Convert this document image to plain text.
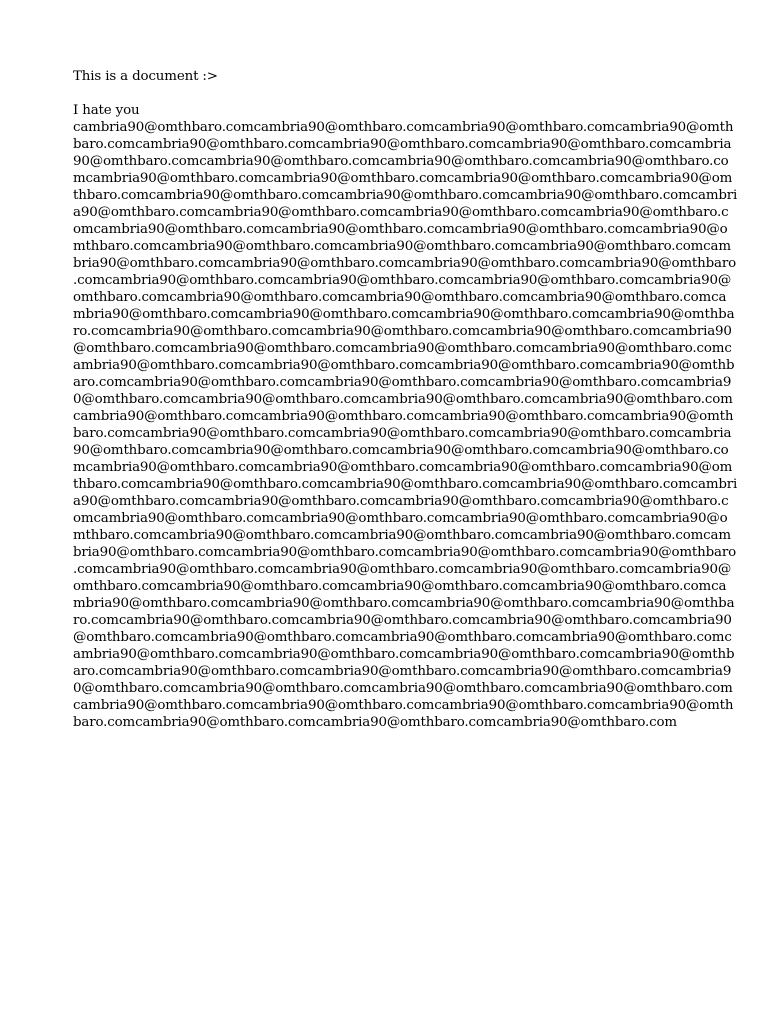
This is a document :>

I hate you

cambria90@omthbaro.comcambria90@omthbaro.comcambria90@omthbaro.comcambria90@omth

baro.comcambria90@omthbaro.comcambria90@omthbaro.comcambria90@omthbaro.comcambria

90@omthbaro.comcambria90@omthbaro.comcambria90@omthbaro.comcambria90@omthbaro.co

mcambria90@omthbaro.comcambria90@omthbaro.comcambria90@omthbaro.comcambria90@om

thbaro.comcambria90@omthbaro.comcambria90@omthbaro.comcambria90@omthbaro.comcambri

a90@omthbaro.comcambria90@omthbaro.comcambria90@omthbaro.comcambria90@omthbaro.c

omcambria90@omthbaro.comcambria90@omthbaro.comcambria90@omthbaro.comcambria90@o

mthbaro.comcambria90@omthbaro.comcambria90@omthbaro.comcambria90@omthbaro.comcam

bria90@omthbaro.comcambria90@omthbaro.comcambria90@omthbaro.comcambria90@omthbaro

.comcambria90@omthbaro.comcambria90@omthbaro.comcambria90@omthbaro.comcambria90@

omthbaro.comcambria90@omthbaro.comcambria90@omthbaro.comcambria90@omthbaro.comca

mbria90@omthbaro.comcambria90@omthbaro.comcambria90@omthbaro.comcambria90@omthba

ro.comcambria90@omthbaro.comcambria90@omthbaro.comcambria90@omthbaro.comcambria90

@omthbaro.comcambria90@omthbaro.comcambria90@omthbaro.comcambria90@omthbaro.comc

ambria90@omthbaro.comcambria90@omthbaro.comcambria90@omthbaro.comcambria90@omthb

aro.comcambria90@omthbaro.comcambria90@omthbaro.comcambria90@omthbaro.comcambria9

0@omthbaro.comcambria90@omthbaro.comcambria90@omthbaro.comcambria90@omthbaro.com

cambria90@omthbaro.comcambria90@omthbaro.comcambria90@omthbaro.comcambria90@omth

baro.comcambria90@omthbaro.comcambria90@omthbaro.comcambria90@omthbaro.comcambria

90@omthbaro.comcambria90@omthbaro.comcambria90@omthbaro.comcambria90@omthbaro.co

mcambria90@omthbaro.comcambria90@omthbaro.comcambria90@omthbaro.comcambria90@om

thbaro.comcambria90@omthbaro.comcambria90@omthbaro.comcambria90@omthbaro.comcambri

a90@omthbaro.comcambria90@omthbaro.comcambria90@omthbaro.comcambria90@omthbaro.c

omcambria90@omthbaro.comcambria90@omthbaro.comcambria90@omthbaro.comcambria90@o

mthbaro.comcambria90@omthbaro.comcambria90@omthbaro.comcambria90@omthbaro.comcam

bria90@omthbaro.comcambria90@omthbaro.comcambria90@omthbaro.comcambria90@omthbaro

.comcambria90@omthbaro.comcambria90@omthbaro.comcambria90@omthbaro.comcambria90@

omthbaro.comcambria90@omthbaro.comcambria90@omthbaro.comcambria90@omthbaro.comca

mbria90@omthbaro.comcambria90@omthbaro.comcambria90@omthbaro.comcambria90@omthba

ro.comcambria90@omthbaro.comcambria90@omthbaro.comcambria90@omthbaro.comcambria90

@omthbaro.comcambria90@omthbaro.comcambria90@omthbaro.comcambria90@omthbaro.comc

ambria90@omthbaro.comcambria90@omthbaro.comcambria90@omthbaro.comcambria90@omthb

aro.comcambria90@omthbaro.comcambria90@omthbaro.comcambria90@omthbaro.comcambria9

0@omthbaro.comcambria90@omthbaro.comcambria90@omthbaro.comcambria90@omthbaro.com

cambria90@omthbaro.comcambria90@omthbaro.comcambria90@omthbaro.comcambria90@omth

baro.comcambria90@omthbaro.comcambria90@omthbaro.comcambria90@omthbaro.com
